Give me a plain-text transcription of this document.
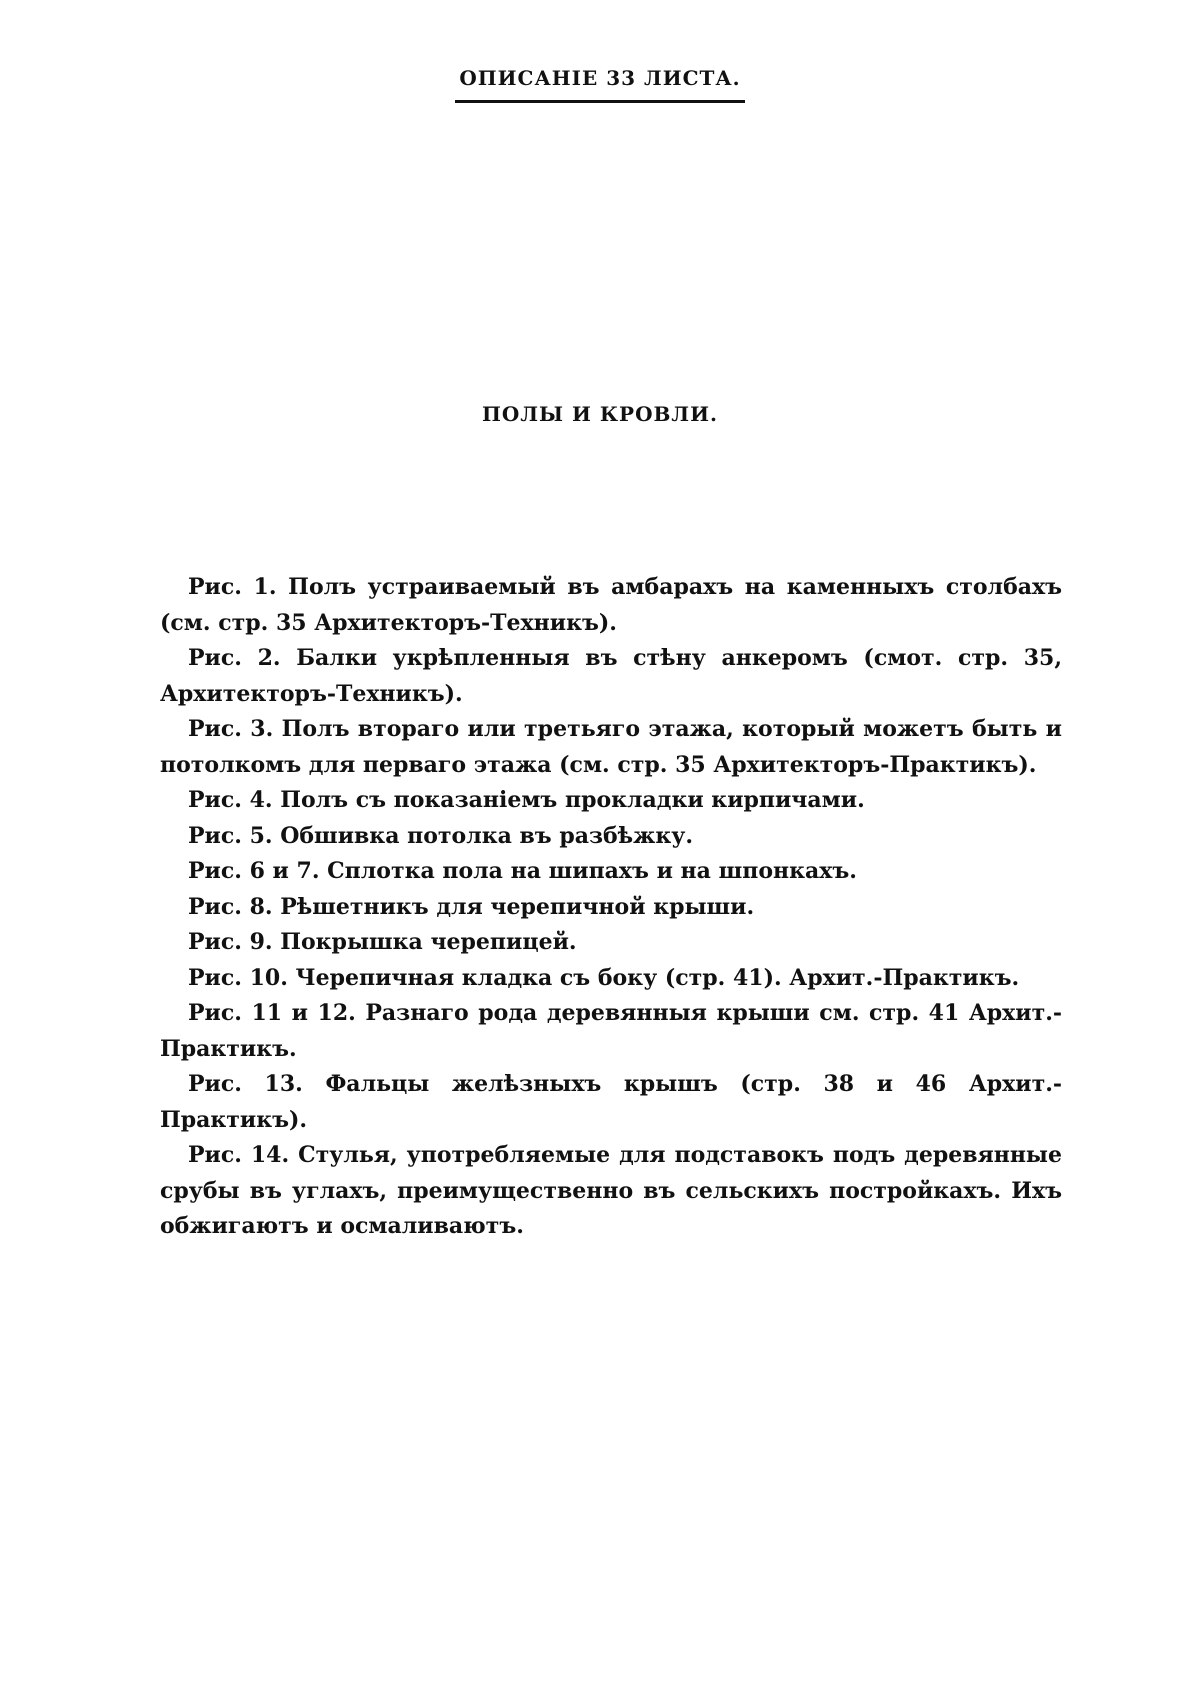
ОПИСАНІЕ 33 ЛИСТА.
ПОЛЫ И КРОВЛИ.

Рис. 1. Полъ устраиваемый въ амбарахъ на каменныхъ столбахъ (см. стр. 35 Архитекторъ-Техникъ).

Рис. 2. Балки укрѣпленныя въ стѣну анкеромъ (смот. стр. 35, Архитекторъ-Техникъ).

Рис. 3. Полъ втораго или третьяго этажа, который можетъ быть и потолкомъ для перваго этажа (см. стр. 35 Архитекторъ-Практикъ).

Рис. 4. Полъ съ показаніемъ прокладки кирпичами.

Рис. 5. Обшивка потолка въ разбѣжку.

Рис. 6 и 7. Сплотка пола на шипахъ и на шпонкахъ.

Рис. 8. Рѣшетникъ для черепичной крыши.

Рис. 9. Покрышка черепицей.

Рис. 10. Черепичная кладка съ боку (стр. 41). Архит.-Практикъ.

Рис. 11 и 12. Разнаго рода деревянныя крыши см. стр. 41 Архит.-Практикъ.

Рис. 13. Фальцы желѣзныхъ крышъ (стр. 38 и 46 Архит.-Практикъ).

Рис. 14. Стулья, употребляемые для подставокъ подъ деревянные срубы въ углахъ, преимущественно въ сельскихъ постройкахъ. Ихъ обжигаютъ и осмаливаютъ.
